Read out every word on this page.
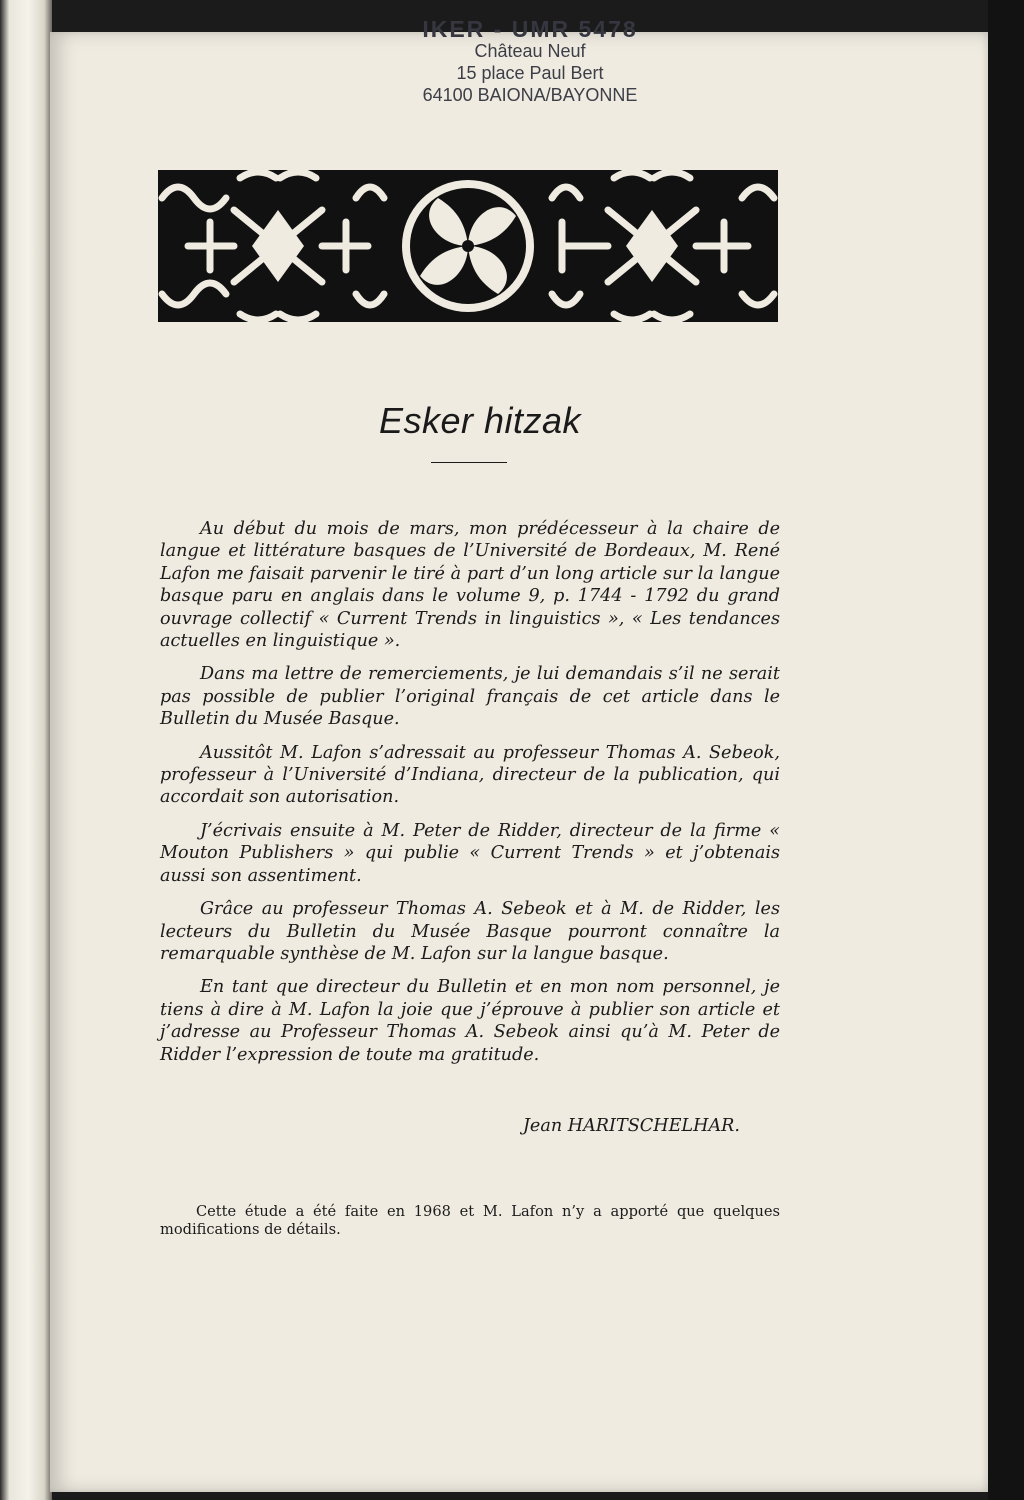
IKER - UMR 5478
Château Neuf
15 place Paul Bert
64100 BAIONA/BAYONNE
Esker hitzak

Au début du mois de mars, mon prédécesseur à la chaire de langue et littérature basques de l’Université de Bordeaux, M. René Lafon me faisait parvenir le tiré à part d’un long article sur la langue basque paru en anglais dans le volume 9, p. 1744 - 1792 du grand ouvrage collectif « Current Trends in linguistics », « Les tendances actuelles en linguistique ».

Dans ma lettre de remerciements, je lui demandais s’il ne serait pas possible de publier l’original français de cet article dans le Bulletin du Musée Basque.

Aussitôt M. Lafon s’adressait au professeur Thomas A. Sebeok, professeur à l’Université d’Indiana, directeur de la publication, qui accordait son autorisation.

J’écrivais ensuite à M. Peter de Ridder, directeur de la firme « Mouton Publishers » qui publie « Current Trends » et j’obtenais aussi son assentiment.

Grâce au professeur Thomas A. Sebeok et à M. de Ridder, les lecteurs du Bulletin du Musée Basque pourront connaître la remarquable synthèse de M. Lafon sur la langue basque.

En tant que directeur du Bulletin et en mon nom personnel, je tiens à dire à M. Lafon la joie que j’éprouve à publier son article et j’adresse au Professeur Thomas A. Sebeok ainsi qu’à M. Peter de Ridder l’expression de toute ma gratitude.

Jean HARITSCHELHAR.
Cette étude a été faite en 1968 et M. Lafon n’y a apporté que quelques modifications de détails.
